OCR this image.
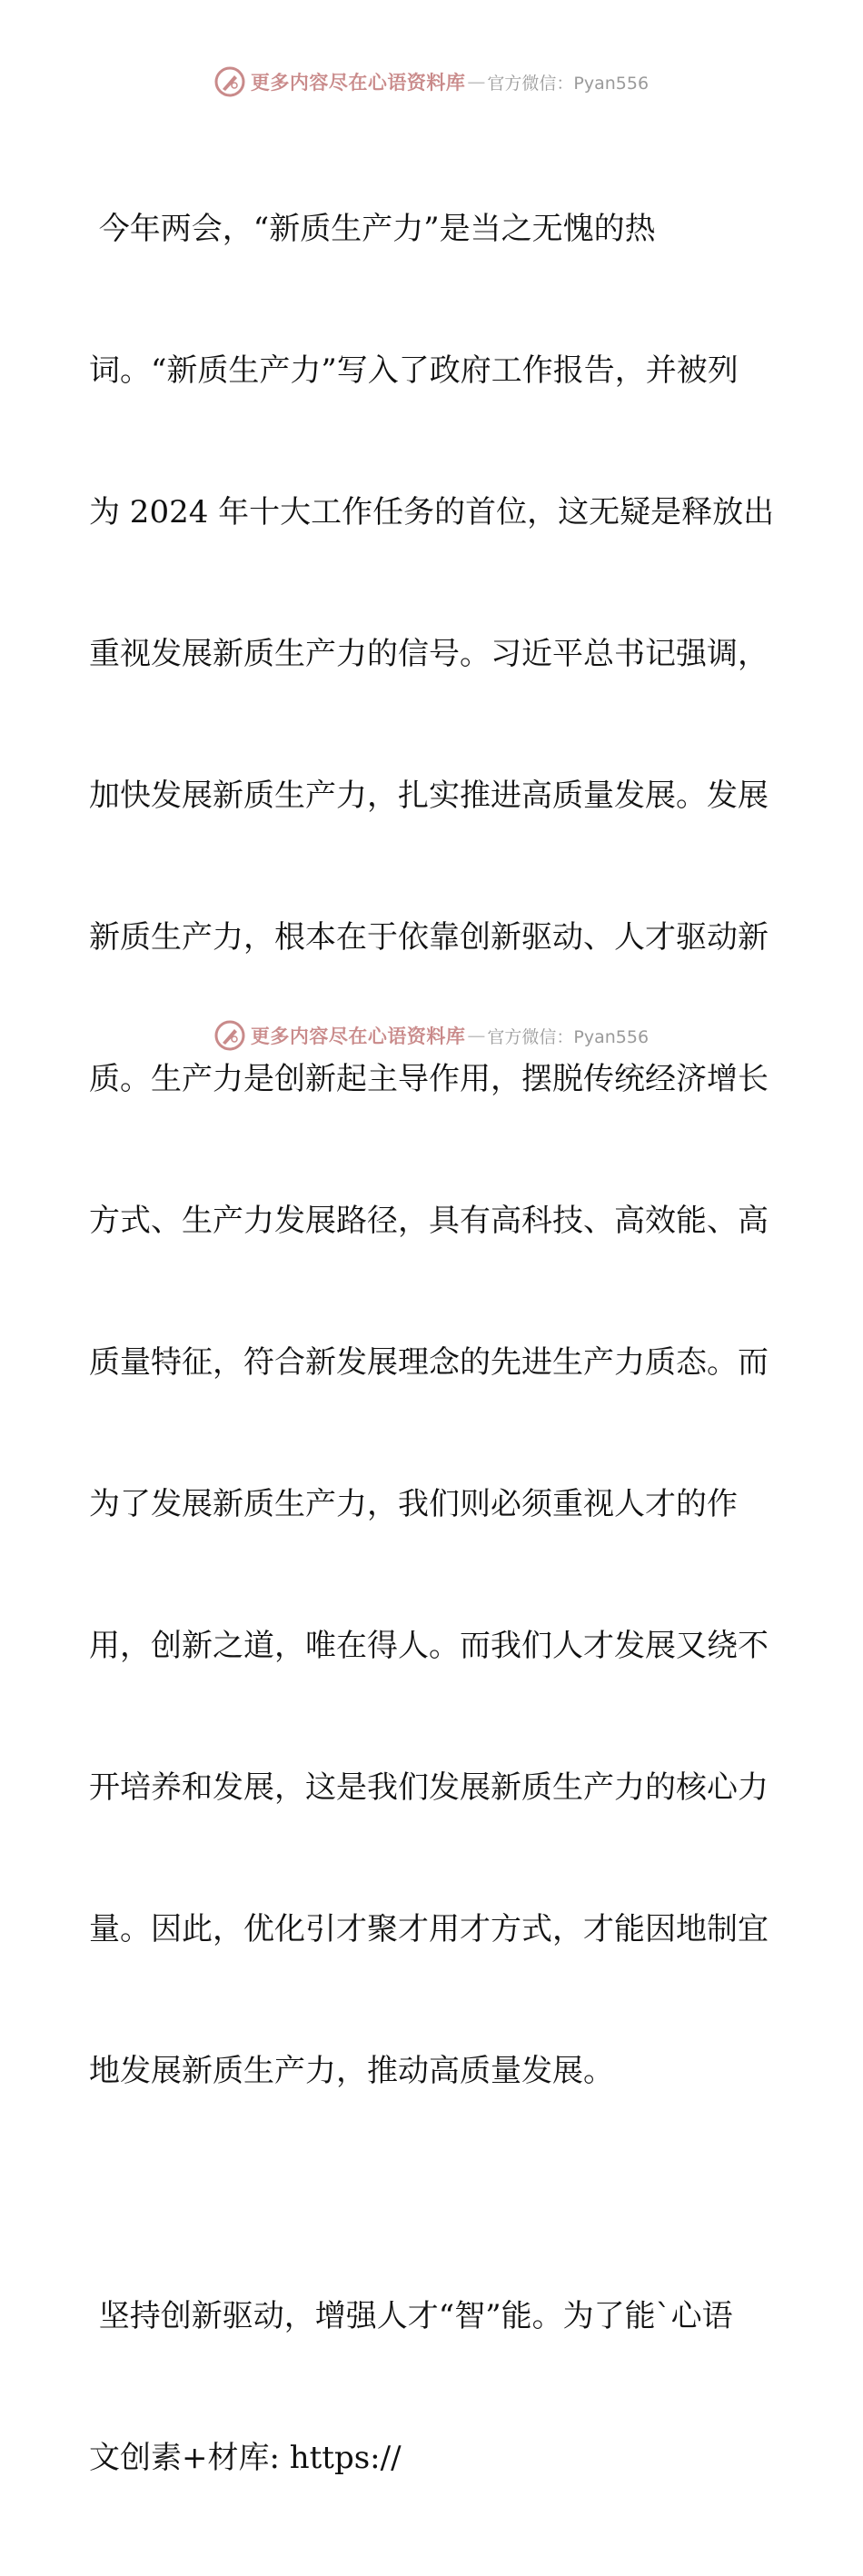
更多内容尽在心语资料库 — 官方微信：Pyan556

今年两会，“新质生产力”是当之无愧的热

词。“新质生产力”写入了政府工作报告，并被列

为 2024 年十大工作任务的首位，这无疑是释放出

重视发展新质生产力的信号。习近平总书记强调，

加快发展新质生产力，扎实推进高质量发展。发展

新质生产力，根本在于依靠创新驱动、人才驱动新

质。生产力是创新起主导作用，摆脱传统经济增长

方式、生产力发展路径，具有高科技、高效能、高

质量特征，符合新发展理念的先进生产力质态。而

为了发展新质生产力，我们则必须重视人才的作

用，创新之道，唯在得人。而我们人才发展又绕不

开培养和发展，这是我们发展新质生产力的核心力

量。因此，优化引才聚才用才方式，才能因地制宜

地发展新质生产力，推动高质量发展。

坚持创新驱动，增强人才“智”能。为了能`心语

文创素+材库: https://

更多内容尽在心语资料库 — 官方微信：Pyan556
